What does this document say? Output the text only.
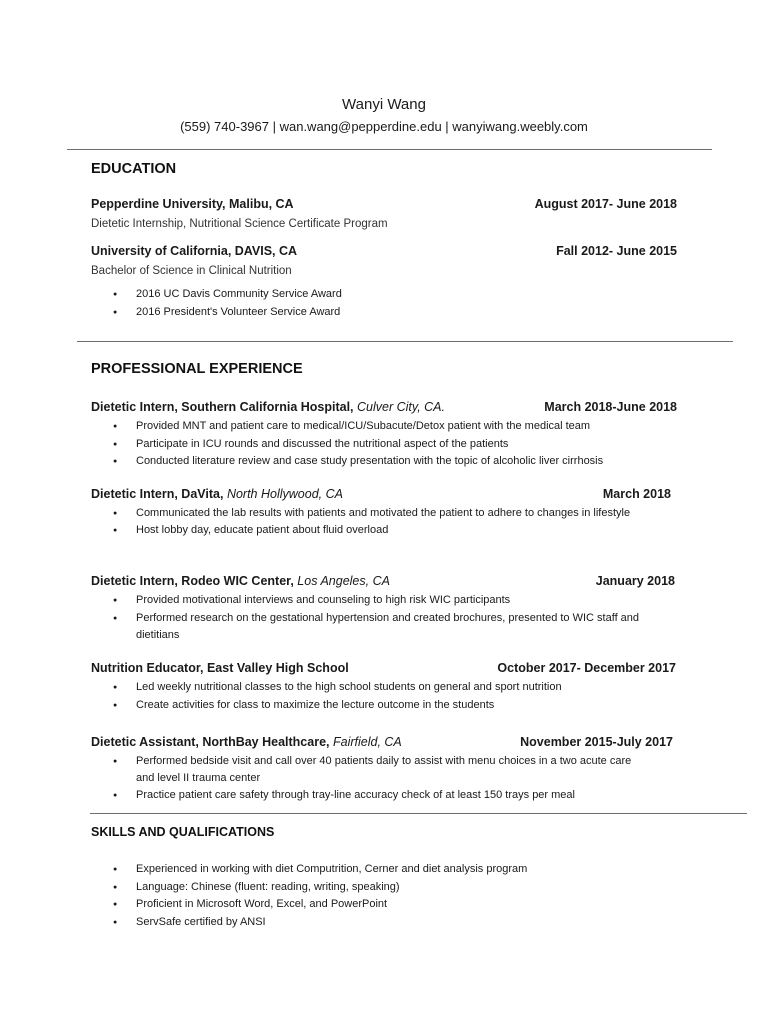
Wanyi Wang
(559) 740-3967 | wan.wang@pepperdine.edu | wanyiwang.weebly.com
EDUCATION
Pepperdine University, Malibu, CA	August 2017- June 2018
Dietetic Internship, Nutritional Science Certificate Program
University of California, DAVIS, CA	Fall 2012- June 2015
Bachelor of Science in Clinical Nutrition
● 2016 UC Davis Community Service Award
● 2016 President's Volunteer Service Award
PROFESSIONAL EXPERIENCE
Dietetic Intern, Southern California Hospital, Culver City, CA.	March 2018-June 2018
● Provided MNT and patient care to medical/ICU/Subacute/Detox patient with the medical team
● Participate in ICU rounds and discussed the nutritional aspect of the patients
● Conducted literature review and case study presentation with the topic of alcoholic liver cirrhosis
Dietetic Intern, DaVita, North Hollywood, CA	March 2018
● Communicated the lab results with patients and motivated the patient to adhere to changes in lifestyle
● Host lobby day, educate patient about fluid overload
Dietetic Intern, Rodeo WIC Center, Los Angeles, CA	January 2018
● Provided motivational interviews and counseling to high risk WIC participants
● Performed research on the gestational hypertension and created brochures, presented to WIC staff and dietitians
Nutrition Educator, East Valley High School	October 2017- December 2017
● Led weekly nutritional classes to the high school students on general and sport nutrition
● Create activities for class to maximize the lecture outcome in the students
Dietetic Assistant, NorthBay Healthcare, Fairfield, CA	November 2015-July 2017
● Performed bedside visit and call over 40 patients daily to assist with menu choices in a two acute care and level II trauma center
● Practice patient care safety through tray-line accuracy check of at least 150 trays per meal
SKILLS AND QUALIFICATIONS
● Experienced in working with diet Computrition, Cerner and diet analysis program
● Language: Chinese (fluent: reading, writing, speaking)
● Proficient in Microsoft Word, Excel, and PowerPoint
● ServSafe certified by ANSI
